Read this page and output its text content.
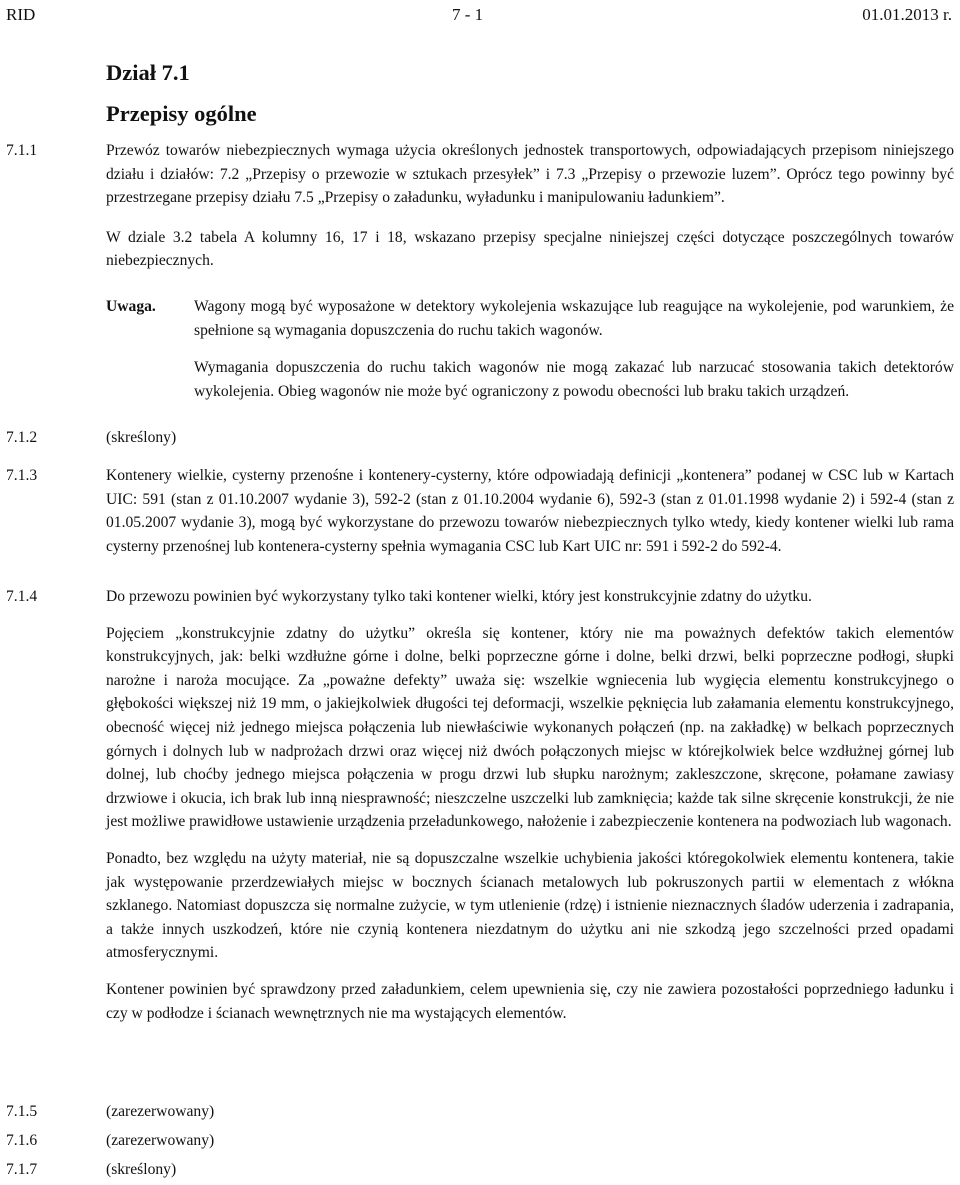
RID	7 - 1	01.01.2013 r.
Dział 7.1
Przepisy ogólne
7.1.1	Przewóz towarów niebezpiecznych wymaga użycia określonych jednostek transportowych, odpowiadających przepisom niniejszego działu i działów: 7.2 „Przepisy o przewozie w sztukach przesyłek” i 7.3 „Przepisy o przewozie luzem”. Oprócz tego powinny być przestrzegane przepisy działu 7.5 „Przepisy o załadunku, wyładunku i manipulowaniu ładunkiem”.

W dziale 3.2 tabela A kolumny 16, 17 i 18, wskazano przepisy specjalne niniejszej części dotyczące poszczególnych towarów niebezpiecznych.

Uwaga. Wagony mogą być wyposażone w detektory wykolejenia wskazujące lub reagujące na wykolejenie, pod warunkiem, że spełnione są wymagania dopuszczenia do ruchu takich wagonów.

Wymagania dopuszczenia do ruchu takich wagonów nie mogą zakazać lub narzucać stosowania takich detektorów wykolejenia. Obieg wagonów nie może być ograniczony z powodu obecności lub braku takich urządzeń.

7.1.2	(skreślony)
7.1.3	Kontenery wielkie, cysterny przenośne i kontenery-cysterny, które odpowiadają definicji „kontenera” podanej w CSC lub w Kartach UIC: 591 (stan z 01.10.2007 wydanie 3), 592-2 (stan z 01.10.2004 wydanie 6), 592-3 (stan z 01.01.1998 wydanie 2) i 592-4 (stan z 01.05.2007 wydanie 3), mogą być wykorzystane do przewozu towarów niebezpiecznych tylko wtedy, kiedy kontener wielki lub rama cysterny przenośnej lub kontenera-cysterny spełnia wymagania CSC lub Kart UIC nr: 591 i 592-2 do 592-4.

7.1.4	Do przewozu powinien być wykorzystany tylko taki kontener wielki, który jest konstrukcyjnie zdatny do użytku.

Pojęciem „konstrukcyjnie zdatny do użytku” określa się kontener, który nie ma poważnych defektów takich elementów konstrukcyjnych, jak: belki wzdłużne górne i dolne, belki poprzeczne górne i dolne, belki drzwi, belki poprzeczne podłogi, słupki narożne i naroża mocujące. Za „poważne defekty” uważa się: wszelkie wgniecenia lub wygięcia elementu konstrukcyjnego o głębokości większej niż 19 mm, o jakiejkolwiek długości tej deformacji, wszelkie pęknięcia lub załamania elementu konstrukcyjnego, obecność więcej niż jednego miejsca połączenia lub niewłaściwie wykonanych połączeń (np. na zakładkę) w belkach poprzecznych górnych i dolnych lub w nadprożach drzwi oraz więcej niż dwóch połączonych miejsc w którejkolwiek belce wzdłużnej górnej lub dolnej, lub choćby jednego miejsca połączenia w progu drzwi lub słupku narożnym; zakleszczone, skręcone, połamane zawiasy drzwiowe i okucia, ich brak lub inną niesprawność; nieszczelne uszczelki lub zamknięcia; każde tak silne skręcenie konstrukcji, że nie jest możliwe prawidłowe ustawienie urządzenia przeładunkowego, nałożenie i zabezpieczenie kontenera na podwoziach lub wagonach.

Ponadto, bez względu na użyty materiał, nie są dopuszczalne wszelkie uchybienia jakości któregokolwiek elementu kontenera, takie jak występowanie przerdzewiałych miejsc w bocznych ścianach metalowych lub pokruszonych partii w elementach z włókna szklanego. Natomiast dopuszcza się normalne zużycie, w tym utlenienie (rdzę) i istnienie nieznacznych śladów uderzenia i zadrapania, a także innych uszkodzeń, które nie czynią kontenera niezdatnym do użytku ani nie szkodzą jego szczelności przed opadami atmosferycznymi.

Kontener powinien być sprawdzony przed załadunkiem, celem upewnienia się, czy nie zawiera pozostałości poprzedniego ładunku i czy w podłodze i ścianach wewnętrznych nie ma wystających elementów.

7.1.5	(zarezerwowany)
7.1.6	(zarezerwowany)
7.1.7	(skreślony)
